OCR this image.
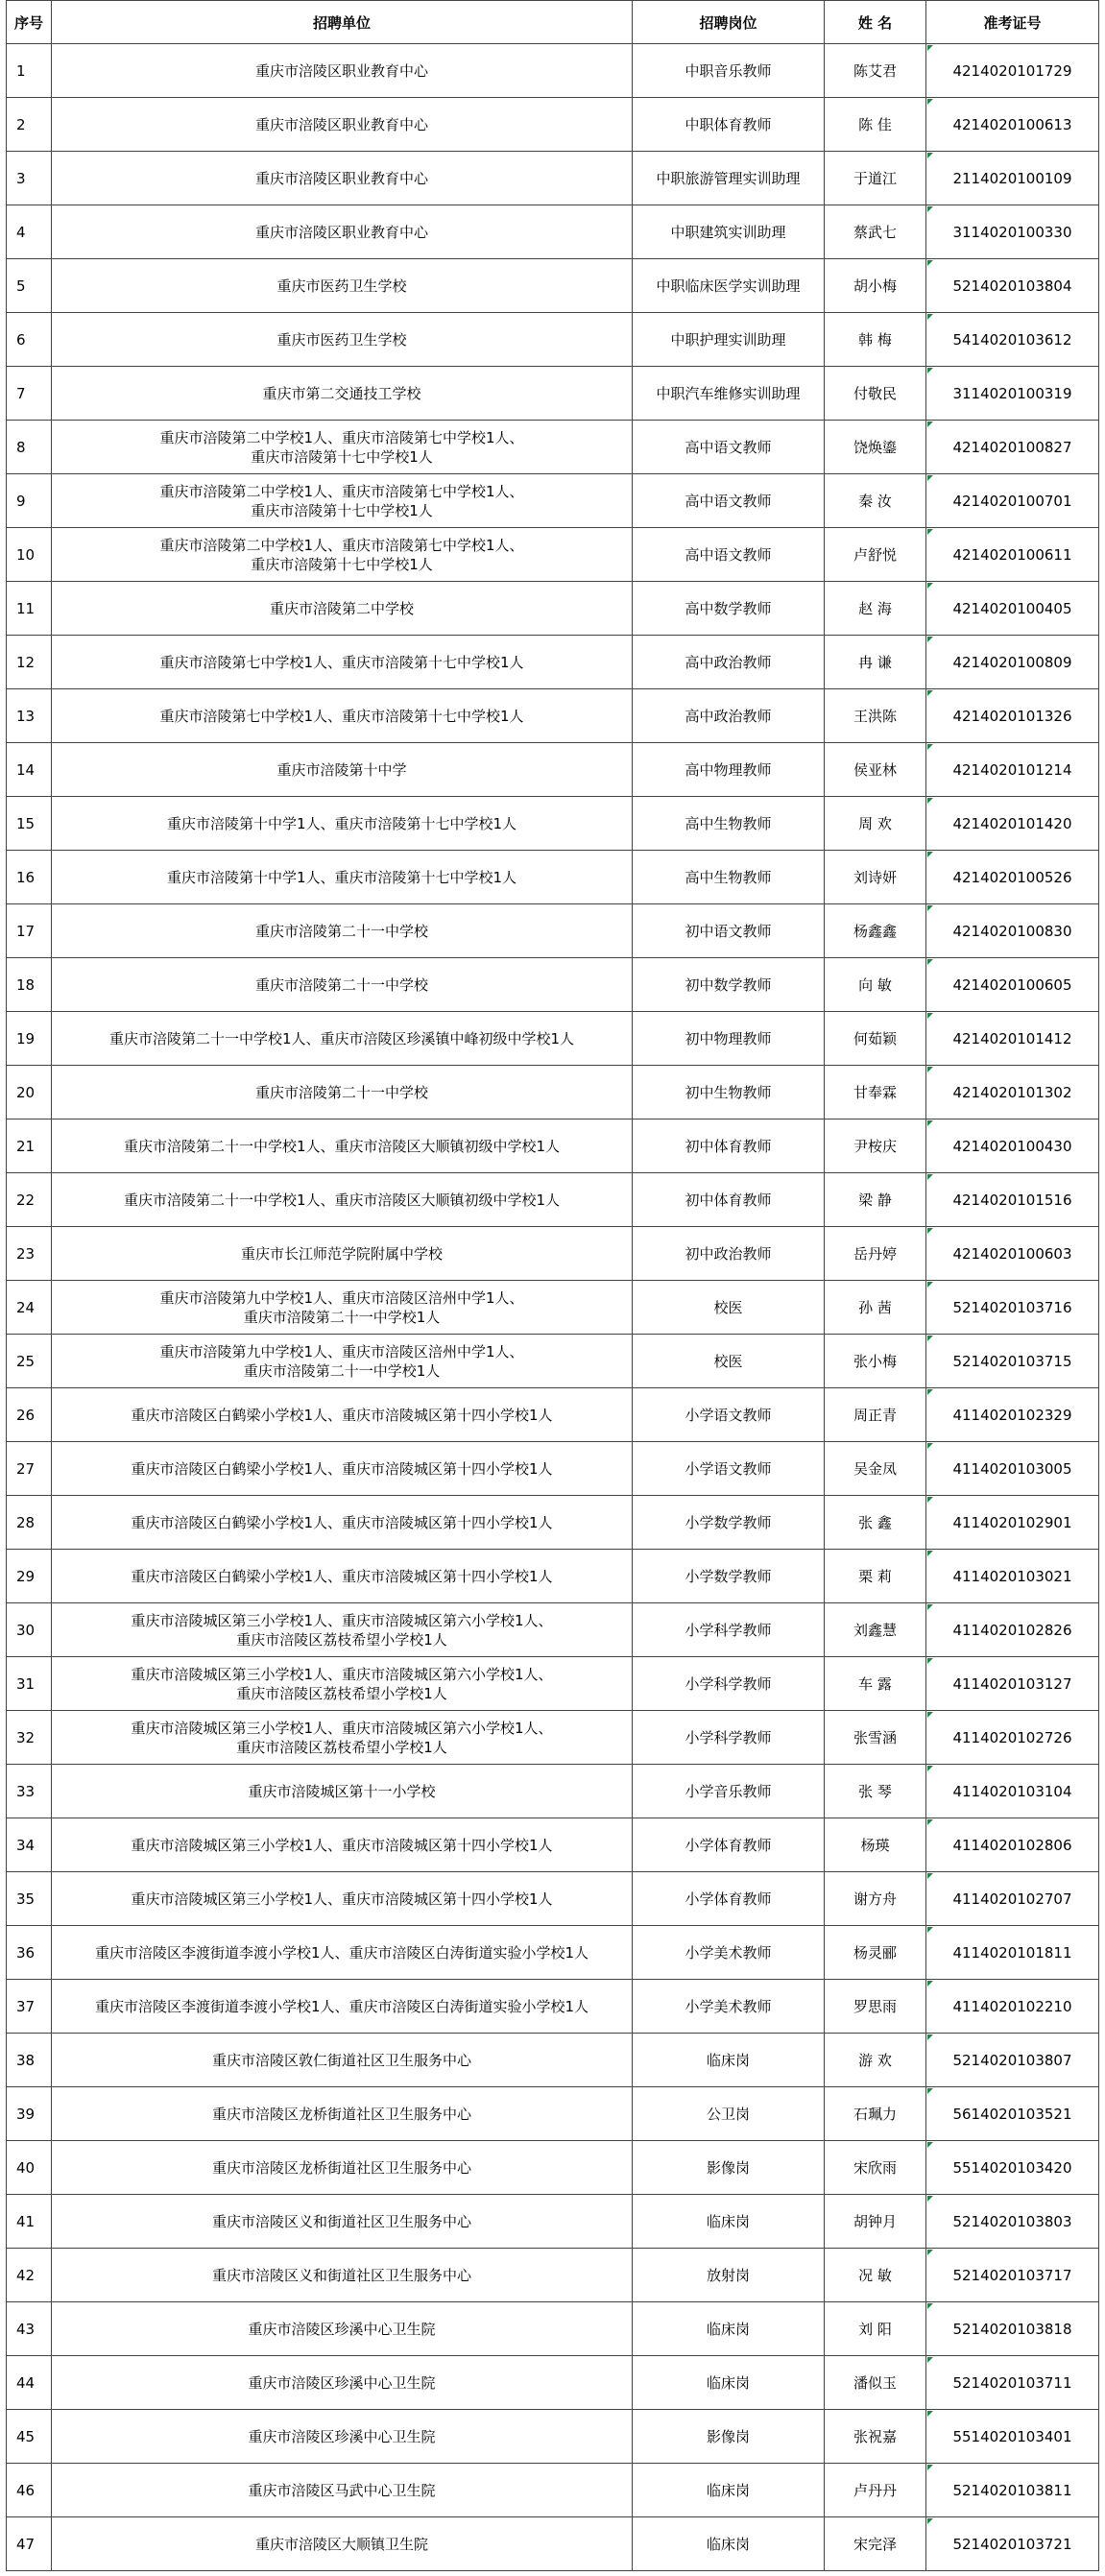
序号	招聘单位	招聘岗位	姓 名	准考证号
1	重庆市涪陵区职业教育中心	中职音乐教师	陈艾君	4214020101729
2	重庆市涪陵区职业教育中心	中职体育教师	陈 佳	4214020100613
3	重庆市涪陵区职业教育中心	中职旅游管理实训助理	于道江	2114020100109
4	重庆市涪陵区职业教育中心	中职建筑实训助理	蔡武七	3114020100330
5	重庆市医药卫生学校	中职临床医学实训助理	胡小梅	5214020103804
6	重庆市医药卫生学校	中职护理实训助理	韩 梅	5414020103612
7	重庆市第二交通技工学校	中职汽车维修实训助理	付敬民	3114020100319
8	重庆市涪陵第二中学校1人、重庆市涪陵第七中学校1人、
重庆市涪陵第十七中学校1人	高中语文教师	饶焕鎏	4214020100827
9	重庆市涪陵第二中学校1人、重庆市涪陵第七中学校1人、
重庆市涪陵第十七中学校1人	高中语文教师	秦 汝	4214020100701
10	重庆市涪陵第二中学校1人、重庆市涪陵第七中学校1人、
重庆市涪陵第十七中学校1人	高中语文教师	卢舒悦	4214020100611
11	重庆市涪陵第二中学校	高中数学教师	赵 海	4214020100405
12	重庆市涪陵第七中学校1人、重庆市涪陵第十七中学校1人	高中政治教师	冉 谦	4214020100809
13	重庆市涪陵第七中学校1人、重庆市涪陵第十七中学校1人	高中政治教师	王洪陈	4214020101326
14	重庆市涪陵第十中学	高中物理教师	侯亚林	4214020101214
15	重庆市涪陵第十中学1人、重庆市涪陵第十七中学校1人	高中生物教师	周 欢	4214020101420
16	重庆市涪陵第十中学1人、重庆市涪陵第十七中学校1人	高中生物教师	刘诗妍	4214020100526
17	重庆市涪陵第二十一中学校	初中语文教师	杨鑫鑫	4214020100830
18	重庆市涪陵第二十一中学校	初中数学教师	向 敏	4214020100605
19	重庆市涪陵第二十一中学校1人、重庆市涪陵区珍溪镇中峰初级中学校1人	初中物理教师	何茹颖	4214020101412
20	重庆市涪陵第二十一中学校	初中生物教师	甘奉霖	4214020101302
21	重庆市涪陵第二十一中学校1人、重庆市涪陵区大顺镇初级中学校1人	初中体育教师	尹桉庆	4214020100430
22	重庆市涪陵第二十一中学校1人、重庆市涪陵区大顺镇初级中学校1人	初中体育教师	梁 静	4214020101516
23	重庆市长江师范学院附属中学校	初中政治教师	岳丹婷	4214020100603
24	重庆市涪陵第九中学校1人、重庆市涪陵区涪州中学1人、
重庆市涪陵第二十一中学校1人	校医	孙 茜	5214020103716
25	重庆市涪陵第九中学校1人、重庆市涪陵区涪州中学1人、
重庆市涪陵第二十一中学校1人	校医	张小梅	5214020103715
26	重庆市涪陵区白鹤梁小学校1人、重庆市涪陵城区第十四小学校1人	小学语文教师	周正青	4114020102329
27	重庆市涪陵区白鹤梁小学校1人、重庆市涪陵城区第十四小学校1人	小学语文教师	吴金凤	4114020103005
28	重庆市涪陵区白鹤梁小学校1人、重庆市涪陵城区第十四小学校1人	小学数学教师	张 鑫	4114020102901
29	重庆市涪陵区白鹤梁小学校1人、重庆市涪陵城区第十四小学校1人	小学数学教师	栗 莉	4114020103021
30	重庆市涪陵城区第三小学校1人、重庆市涪陵城区第六小学校1人、
重庆市涪陵区荔枝希望小学校1人	小学科学教师	刘鑫慧	4114020102826
31	重庆市涪陵城区第三小学校1人、重庆市涪陵城区第六小学校1人、
重庆市涪陵区荔枝希望小学校1人	小学科学教师	车 露	4114020103127
32	重庆市涪陵城区第三小学校1人、重庆市涪陵城区第六小学校1人、
重庆市涪陵区荔枝希望小学校1人	小学科学教师	张雪涵	4114020102726
33	重庆市涪陵城区第十一小学校	小学音乐教师	张 琴	4114020103104
34	重庆市涪陵城区第三小学校1人、重庆市涪陵城区第十四小学校1人	小学体育教师	杨瑛	4114020102806
35	重庆市涪陵城区第三小学校1人、重庆市涪陵城区第十四小学校1人	小学体育教师	谢方舟	4114020102707
36	重庆市涪陵区李渡街道李渡小学校1人、重庆市涪陵区白涛街道实验小学校1人	小学美术教师	杨灵郦	4114020101811
37	重庆市涪陵区李渡街道李渡小学校1人、重庆市涪陵区白涛街道实验小学校1人	小学美术教师	罗思雨	4114020102210
38	重庆市涪陵区敦仁街道社区卫生服务中心	临床岗	游 欢	5214020103807
39	重庆市涪陵区龙桥街道社区卫生服务中心	公卫岗	石珮力	5614020103521
40	重庆市涪陵区龙桥街道社区卫生服务中心	影像岗	宋欣雨	5514020103420
41	重庆市涪陵区义和街道社区卫生服务中心	临床岗	胡钟月	5214020103803
42	重庆市涪陵区义和街道社区卫生服务中心	放射岗	况 敏	5214020103717
43	重庆市涪陵区珍溪中心卫生院	临床岗	刘 阳	5214020103818
44	重庆市涪陵区珍溪中心卫生院	临床岗	潘似玉	5214020103711
45	重庆市涪陵区珍溪中心卫生院	影像岗	张祝嘉	5514020103401
46	重庆市涪陵区马武中心卫生院	临床岗	卢丹丹	5214020103811
47	重庆市涪陵区大顺镇卫生院	临床岗	宋完泽	5214020103721
